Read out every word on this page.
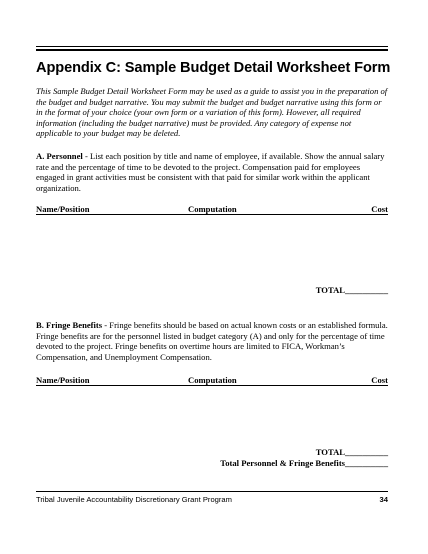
Appendix C: Sample Budget Detail Worksheet Form
This Sample Budget Detail Worksheet Form may be used as a guide to assist you in the preparation of the budget and budget narrative. You may submit the budget and budget narrative using this form or in the format of your choice (your own form or a variation of this form). However, all required information (including the budget narrative) must be provided. Any category of expense not applicable to your budget may be deleted.
A. Personnel - List each position by title and name of employee, if available. Show the annual salary rate and the percentage of time to be devoted to the project. Compensation paid for employees engaged in grant activities must be consistent with that paid for similar work within the applicant organization.
Name/Position	Computation	Cost
TOTAL__________
B. Fringe Benefits - Fringe benefits should be based on actual known costs or an established formula. Fringe benefits are for the personnel listed in budget category (A) and only for the percentage of time devoted to the project. Fringe benefits on overtime hours are limited to FICA, Workman’s Compensation, and Unemployment Compensation.
Name/Position	Computation	Cost
TOTAL__________
Total Personnel & Fringe Benefits__________
Tribal Juvenile Accountability Discretionary Grant Program	34
